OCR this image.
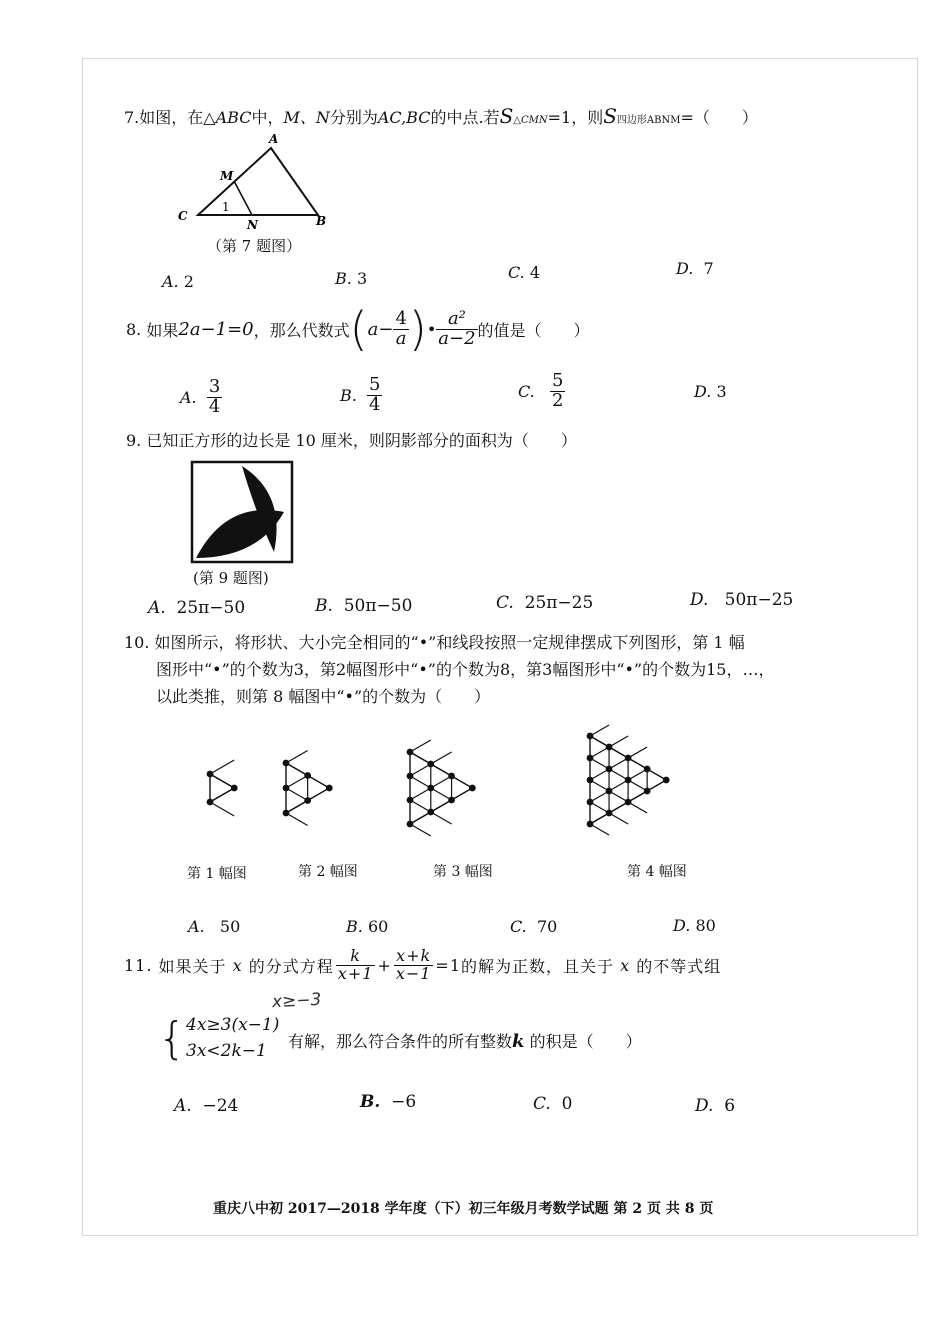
7.如图，在△ABC中，M、N分别为AC,BC的中点.若S△CMN=1，则S四边形ABNM=（　　）
A
M
C
N	B
1
（第 7 题图）
A. 2	B. 3	C. 4	D. 7
8.
如果 2a−1=0 ，那么代数式 ( $a- \frac{4}{a}$ ) • $\frac{\text{a²}}{a-2}$ 的值是（　　）
A.
$\frac{3}{4}$	B.
$\frac{5}{4}$	C.
$\frac{5}{2}$	D. 3
9. 已知正方形的边长是 10 厘米，则阴影部分的面积为（　　）
(第 9 题图)
A. 25π−50	B. 50π−50	C. 25π−25	D. 50π−25
10. 如图所示，将形状、大小完全相同的“•”和线段按照一定规律摆成下列图形，第 1 幅
图形中“•”的个数为3，第2幅图形中“•”的个数为8，第3幅图形中“•”的个数为15，…，
以此类推，则第 8 幅图中“•”的个数为（　　）
第 1 幅图	第 2 幅图	第 3 幅图	第 4 幅图
A. 50	B. 60	C. 70	D. 80
11.
如果关于
x
的分式方程 $\frac{k}{x+1} + \frac{x+k}{x-1} =1$ 的解为正数，且关于
x
的不等式组
x≥−3
{ 4x≥3(x−1)
3x<2k−1	有解，那么符合条件的所有整数k 的积是（　　）
A. −24	B. −6	C. 0	D. 6
重庆八中初 2017—2018 学年度（下）初三年级月考数学试题 第 2 页 共 8 页
